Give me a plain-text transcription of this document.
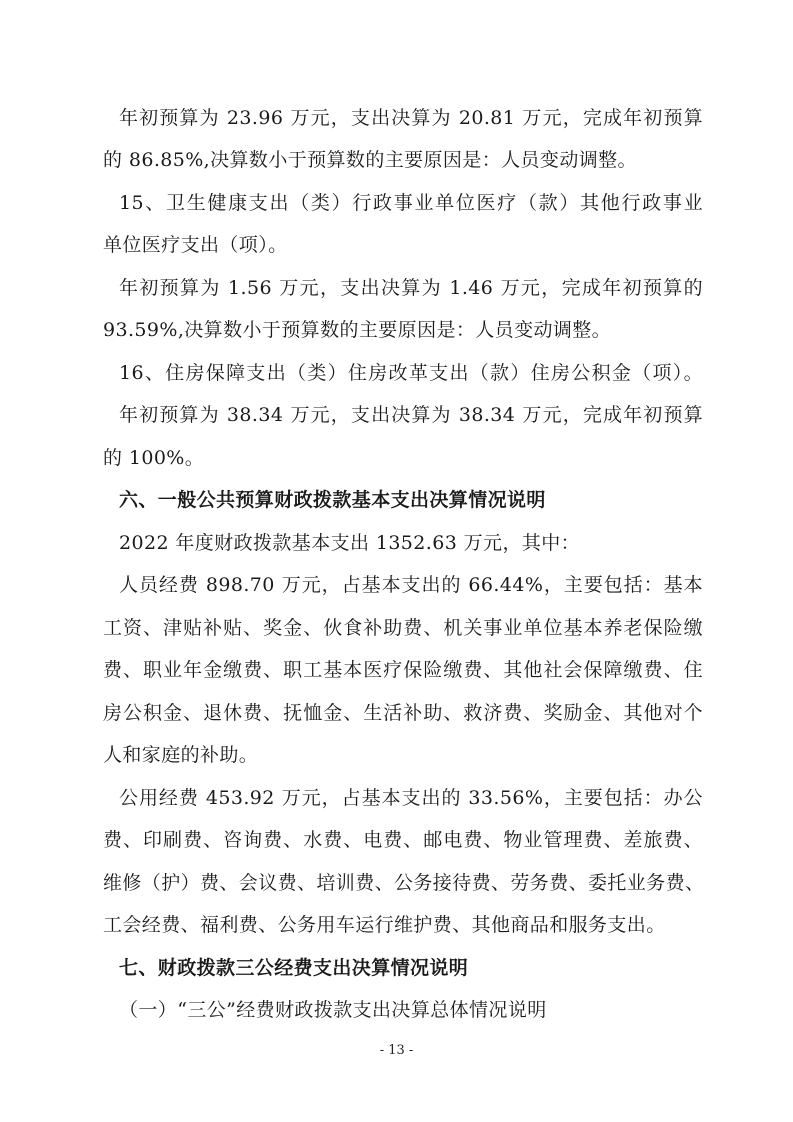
年初预算为 23.96 万元，支出决算为 20.81 万元，完成年初预算
的 86.85%,决算数小于预算数的主要原因是：人员变动调整。
15、卫生健康支出（类）行政事业单位医疗（款）其他行政事业
单位医疗支出（项）。
年初预算为 1.56 万元，支出决算为 1.46 万元，完成年初预算的
93.59%,决算数小于预算数的主要原因是：人员变动调整。
16、住房保障支出（类）住房改革支出（款）住房公积金（项）。
年初预算为 38.34 万元，支出决算为 38.34 万元，完成年初预算
的 100%。
六、一般公共预算财政拨款基本支出决算情况说明
2022 年度财政拨款基本支出 1352.63 万元，其中：
人员经费 898.70 万元，占基本支出的 66.44%，主要包括：基本
工资、津贴补贴、奖金、伙食补助费、机关事业单位基本养老保险缴
费、职业年金缴费、职工基本医疗保险缴费、其他社会保障缴费、住
房公积金、退休费、抚恤金、生活补助、救济费、奖励金、其他对个
人和家庭的补助。
公用经费 453.92 万元，占基本支出的 33.56%，主要包括：办公
费、印刷费、咨询费、水费、电费、邮电费、物业管理费、差旅费、
维修（护）费、会议费、培训费、公务接待费、劳务费、委托业务费、
工会经费、福利费、公务用车运行维护费、其他商品和服务支出。
七、财政拨款三公经费支出决算情况说明
（一）“三公”经费财政拨款支出决算总体情况说明
- 13 -
